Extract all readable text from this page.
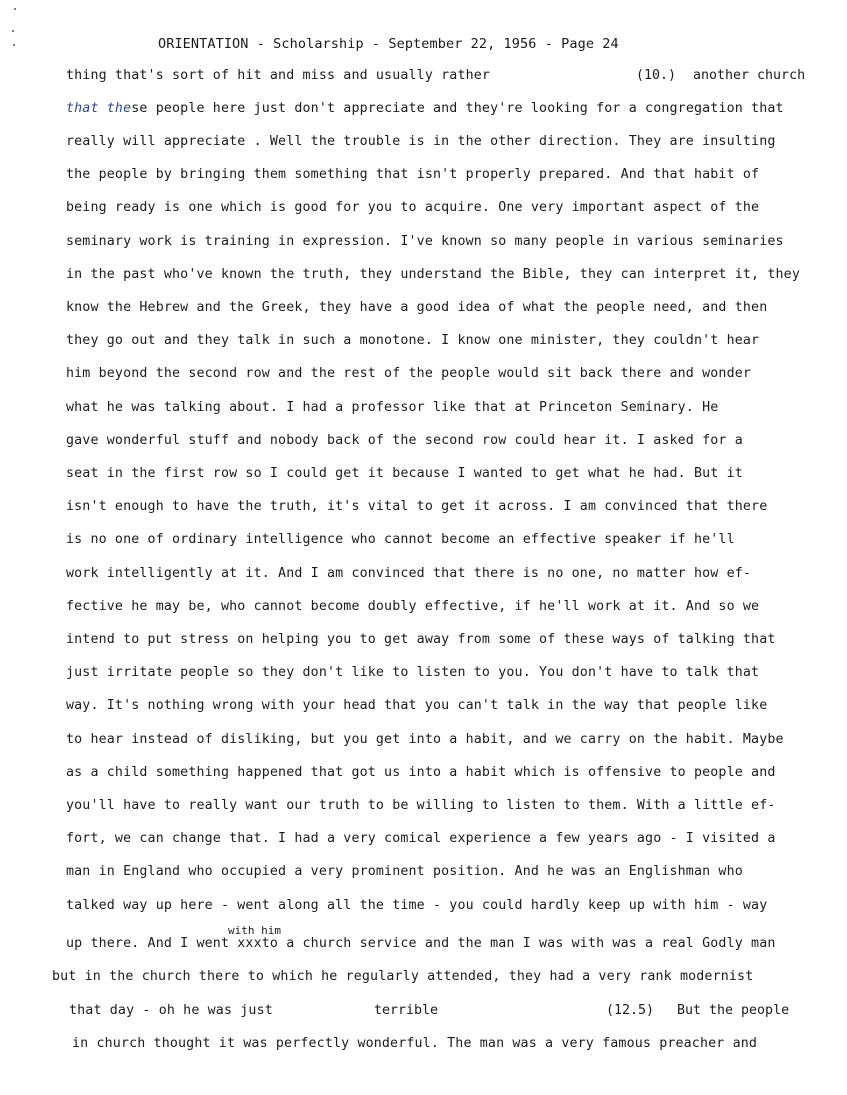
ORIENTATION - Scholarship - September 22, 1956 - Page 24
thing that's sort of hit and miss and usually rather	(10.) another church
that these people here just don't appreciate and they're looking for a congregation that
really will appreciate . Well the trouble is in the other direction. They are insulting
the people by bringing them something that isn't properly prepared. And that habit of
being ready is one which is good for you to acquire. One very important aspect of the
seminary work is training in expression. I've known so many people in various seminaries
in the past who've known the truth, they understand the Bible, they can interpret it, they
know the Hebrew and the Greek, they have a good idea of what the people need, and then
they go out and they talk in such a monotone. I know one minister, they couldn't hear
him beyond the second row and the rest of the people would sit back there and wonder
what he was talking about. I had a professor like that at Princeton Seminary. He
gave wonderful stuff and nobody back of the second row could hear it. I asked for a
seat in the first row so I could get it because I wanted to get what he had. But it
isn't enough to have the truth, it's vital to get it across. I am convinced that there
is no one of ordinary intelligence who cannot become an effective speaker if he'll
work intelligently at it. And I am convinced that there is no one, no matter how ef-
fective he may be, who cannot become doubly effective, if he'll work at it. And so we
intend to put stress on helping you to get away from some of these ways of talking that
just irritate people so they don't like to listen to you. You don't have to talk that
way. It's nothing wrong with your head that you can't talk in the way that people like
to hear instead of disliking, but you get into a habit, and we carry on the habit. Maybe
as a child something happened that got us into a habit which is offensive to people and
you'll have to really want our truth to be willing to listen to them. With a little ef-
fort, we can change that. I had a very comical experience a few years ago - I visited a
man in England who occupied a very prominent position. And he was an Englishman who
talked way up here - went along all the time - you could hardly keep up with him - way
with him
up there. And I went xxxto a church service and the man I was with was a real Godly man
but in the church there to which he regularly attended, they had a very rank modernist
that day - oh he was just	terrible	(12.5) But the people
in church thought it was perfectly wonderful. The man was a very famous preacher and
